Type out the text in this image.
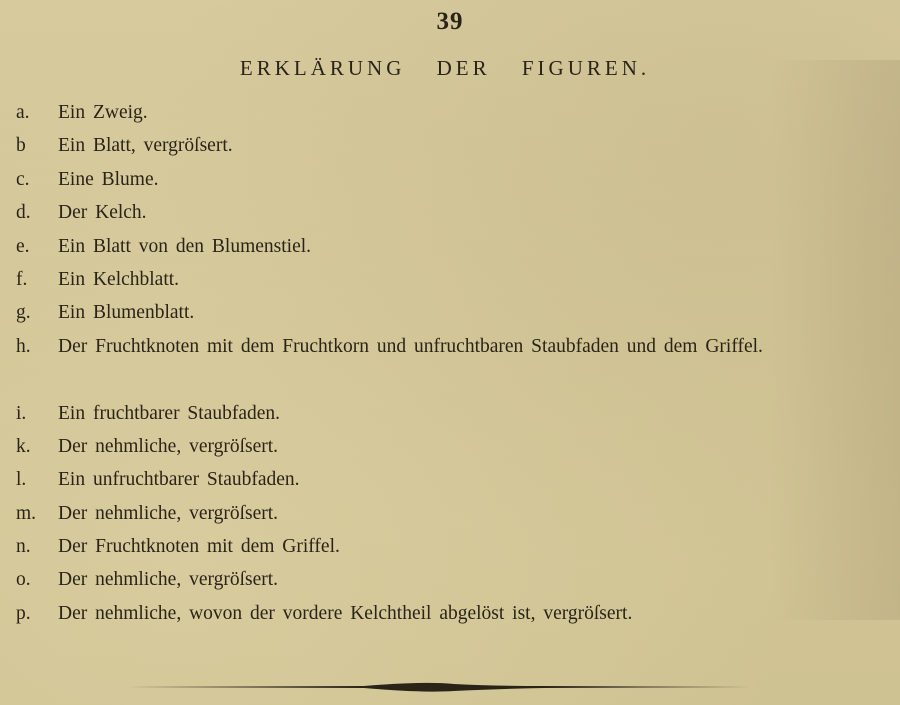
39
ERKLÄRUNG DER FIGUREN.
a.	Ein Zweig.
b	Ein Blatt, vergröſsert.
c.	Eine Blume.
d.	Der Kelch.
e.	Ein Blatt von den Blumenstiel.
f.	Ein Kelchblatt.
g.	Ein Blumenblatt.
h.	Der Fruchtknoten mit dem Fruchtkorn und unfruchtbaren Staubfaden und dem Griffel.
i.	Ein fruchtbarer Staubfaden.
k.	Der nehmliche, vergröſsert.
l.	Ein unfruchtbarer Staubfaden.
m.	Der nehmliche, vergröſsert.
n.	Der Fruchtknoten mit dem Griffel.
o.	Der nehmliche, vergröſsert.
p.	Der nehmliche, wovon der vordere Kelchtheil abgelöst ist, vergröſsert.
